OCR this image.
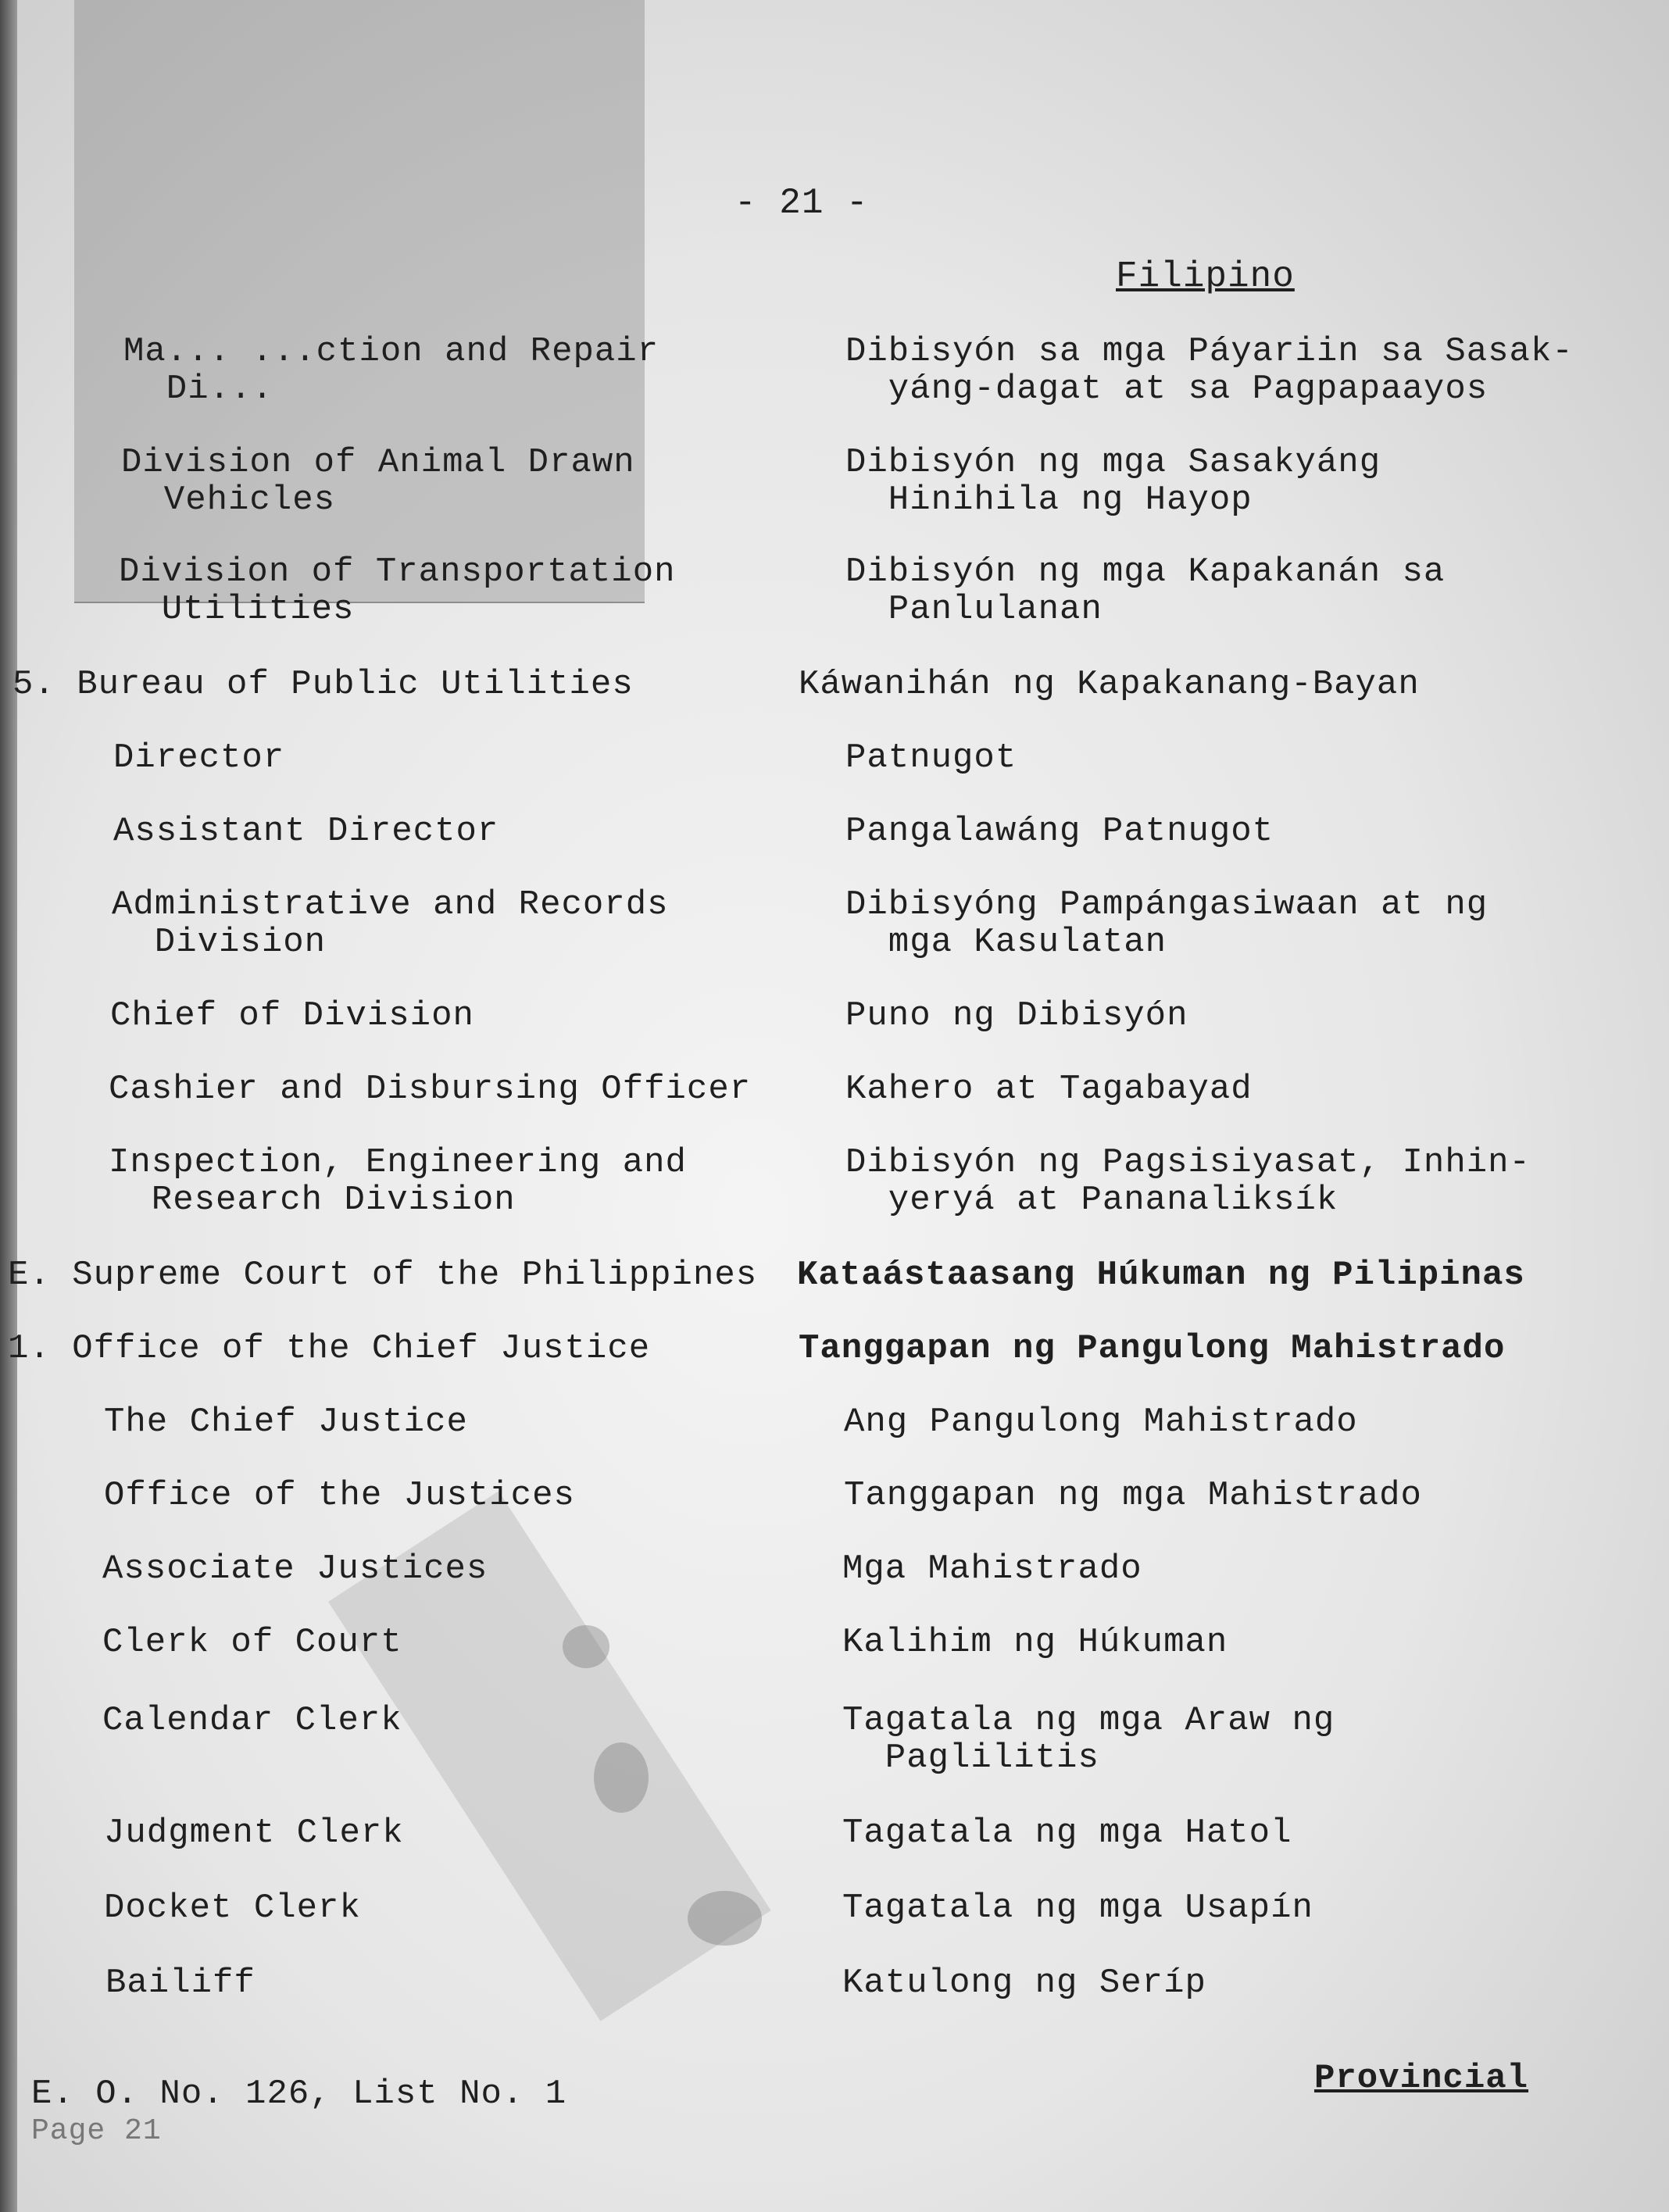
- 21 -
Filipino
Ma... ...ction and Repair
Di...
Division of Animal Drawn
Vehicles
Division of Transportation
Utilities
5. Bureau of Public Utilities
Director
Assistant Director
Administrative and Records
Division
Chief of Division
Cashier and Disbursing Officer
Inspection, Engineering and
Research Division
E. Supreme Court of the Philippines
1. Office of the Chief Justice
The Chief Justice
Office of the Justices
Associate Justices
Clerk of Court
Calendar Clerk
Judgment Clerk
Docket Clerk
Bailiff
Dibisyón sa mga Páyariin sa Sasak-
yáng-dagat at sa Pagpapaayos
Dibisyón ng mga Sasakyáng
Hinihila ng Hayop
Dibisyón ng mga Kapakanán sa
Panlulanan
Káwanihán ng Kapakanang-Bayan
Patnugot
Pangalawáng Patnugot
Dibisyóng Pampángasiwaan at ng
mga Kasulatan
Puno ng Dibisyón
Kahero at Tagabayad
Dibisyón ng Pagsisiyasat, Inhin-
yeryá at Pananaliksík
Kataástaasang Húkuman ng Pilipinas
Tanggapan ng Pangulong Mahistrado
Ang Pangulong Mahistrado
Tanggapan ng mga Mahistrado
Mga Mahistrado
Kalihim ng Húkuman
Tagatala ng mga Araw ng
Paglilitis
Tagatala ng mga Hatol
Tagatala ng mga Usapín
Katulong ng Seríp
E. O. No. 126, List No. 1
Page 21
Provincial
